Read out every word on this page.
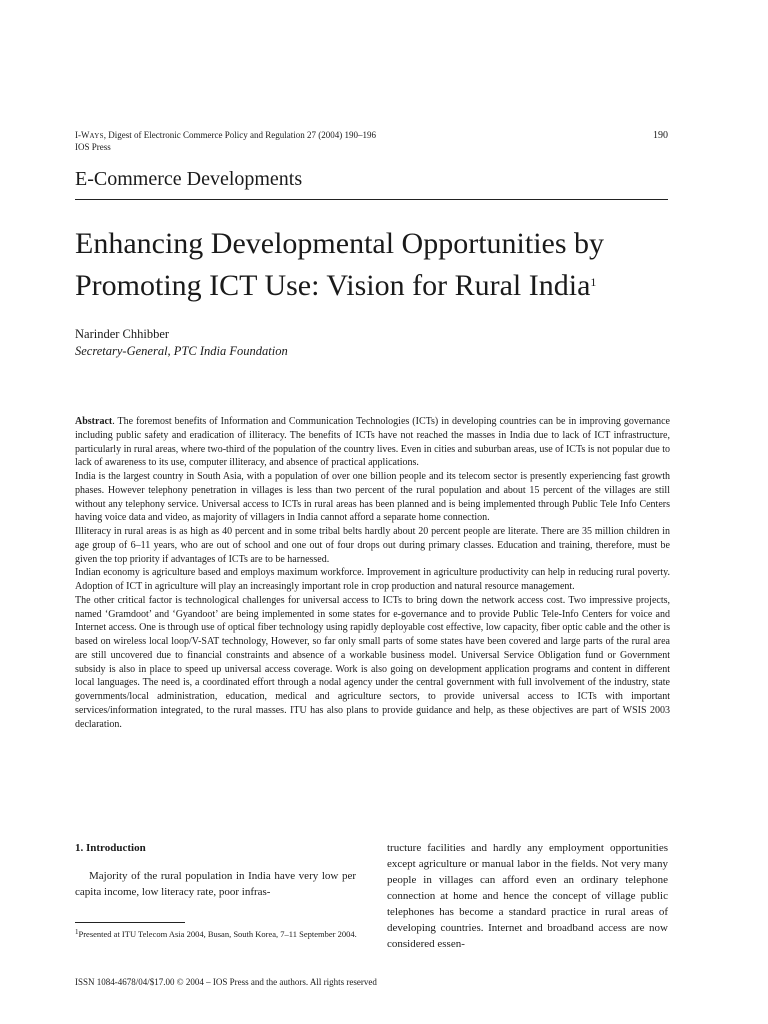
I-WAYS, Digest of Electronic Commerce Policy and Regulation 27 (2004) 190–196
IOS Press
190
E-Commerce Developments
Enhancing Developmental Opportunities by Promoting ICT Use: Vision for Rural India$^1$
Narinder Chhibber
Secretary-General, PTC India Foundation

Abstract. The foremost benefits of Information and Communication Technologies (ICTs) in developing countries can be in improving governance including public safety and eradication of illiteracy. The benefits of ICTs have not reached the masses in India due to lack of ICT infrastructure, particularly in rural areas, where two-third of the population of the country lives. Even in cities and suburban areas, use of ICTs is not popular due to lack of awareness to its use, computer illiteracy, and absence of practical applications.

India is the largest country in South Asia, with a population of over one billion people and its telecom sector is presently experiencing fast growth phases. However telephony penetration in villages is less than two percent of the rural population and about 15 percent of the villages are still without any telephony service. Universal access to ICTs in rural areas has been planned and is being implemented through Public Tele Info Centers having voice data and video, as majority of villagers in India cannot afford a separate home connection.

Illiteracy in rural areas is as high as 40 percent and in some tribal belts hardly about 20 percent people are literate. There are 35 million children in age group of 6–11 years, who are out of school and one out of four drops out during primary classes. Education and training, therefore, must be given the top priority if advantages of ICTs are to be harnessed.

Indian economy is agriculture based and employs maximum workforce. Improvement in agriculture productivity can help in reducing rural poverty. Adoption of ICT in agriculture will play an increasingly important role in crop production and natural resource management.

The other critical factor is technological challenges for universal access to ICTs to bring down the network access cost. Two impressive projects, named ‘Gramdoot’ and ‘Gyandoot’ are being implemented in some states for e-governance and to provide Public Tele-Info Centers for voice and Internet access. One is through use of optical fiber technology using rapidly deployable cost effective, low capacity, fiber optic cable and the other is based on wireless local loop/V-SAT technology, However, so far only small parts of some states have been covered and large parts of the rural area are still uncovered due to financial constraints and absence of a workable business model. Universal Service Obligation fund or Government subsidy is also in place to speed up universal access coverage. Work is also going on development application programs and content in different local languages. The need is, a coordinated effort through a nodal agency under the central government with full involvement of the industry, state governments/local administration, education, medical and agriculture sectors, to provide universal access to ICTs with important services/information integrated, to the rural masses. ITU has also plans to provide guidance and help, as these objectives are part of WSIS 2003 declaration.

1. Introduction

Majority of the rural population in India have very low per capita income, low literacy rate, poor infras-

tructure facilities and hardly any employment opportunities except agriculture or manual labor in the fields. Not very many people in villages can afford even an ordinary telephone connection at home and hence the concept of village public telephones has become a standard practice in rural areas of developing countries. Internet and broadband access are now considered essen-
$^1$Presented at ITU Telecom Asia 2004, Busan, South Korea, 7–11 September 2004.
ISSN 1084-4678/04/$17.00 © 2004 – IOS Press and the authors. All rights reserved
